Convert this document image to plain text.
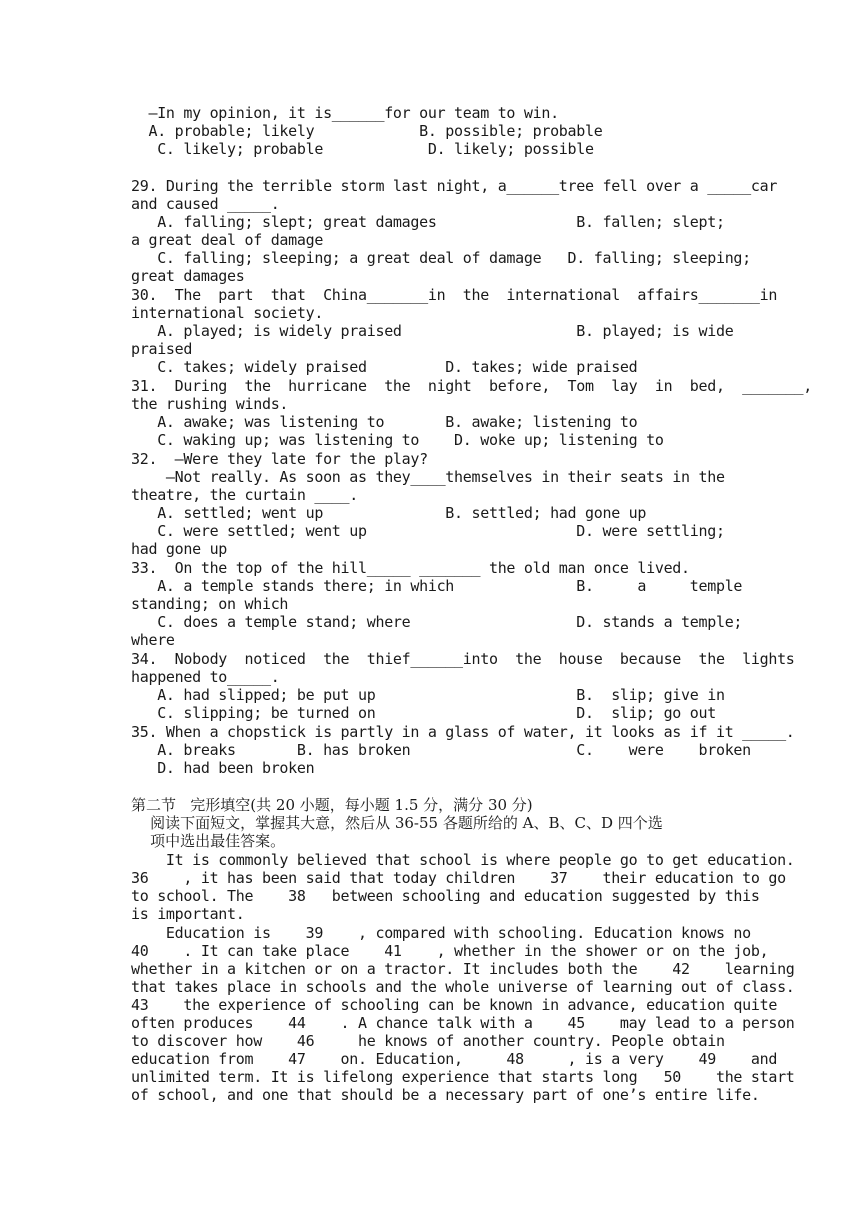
—In my opinion, it is______for our team to win.
A. probable; likely            B. possible; probable
C. likely; probable            D. likely; possible
29. During the terrible storm last night, a______tree fell over a _____car
and caused _____.
A. falling; slept; great damages                B. fallen; slept;
a great deal of damage
C. falling; sleeping; a great deal of damage   D. falling; sleeping;
great damages
30.  The  part  that  China_______in  the  international  affairs_______in
international society.
A. played; is widely praised                    B. played; is wide
praised
C. takes; widely praised         D. takes; wide praised
31.  During  the  hurricane  the  night  before,  Tom  lay  in  bed,  _______,
the rushing winds.
A. awake; was listening to       B. awake; listening to
C. waking up; was listening to    D. woke up; listening to
32.  —Were they late for the play?
—Not really. As soon as they____themselves in their seats in the
theatre, the curtain ____.
A. settled; went up              B. settled; had gone up
C. were settled; went up                        D. were settling;
had gone up
33.  On the top of the hill_____ _______ the old man once lived.
A. a temple stands there; in which              B.     a     temple
standing; on which
C. does a temple stand; where                   D. stands a temple;
where
34.  Nobody  noticed  the  thief______into  the  house  because  the  lights
happened to_____.
A. had slipped; be put up                       B.  slip; give in
C. slipping; be turned on                       D.  slip; go out
35. When a chopstick is partly in a glass of water, it looks as if it _____.
A. breaks       B. has broken                   C.    were    broken
D. had been broken
第二节   完形填空(共 20 小题，每小题 1.5 分，满分 30 分)
阅读下面短文，掌握其大意，然后从 36-55 各题所给的 A、B、C、D 四个选
项中选出最佳答案。
It is commonly believed that school is where people go to get education.
36    , it has been said that today children    37    their education to go
to school. The    38   between schooling and education suggested by this
is important.
Education is    39    , compared with schooling. Education knows no
40    . It can take place    41    , whether in the shower or on the job,
whether in a kitchen or on a tractor. It includes both the    42    learning
that takes place in schools and the whole universe of learning out of class.
43    the experience of schooling can be known in advance, education quite
often produces    44    . A chance talk with a    45    may lead to a person
to discover how    46     he knows of another country. People obtain
education from    47    on. Education,     48     , is a very    49    and
unlimited term. It is lifelong experience that starts long   50    the start
of school, and one that should be a necessary part of one’s entire life.
